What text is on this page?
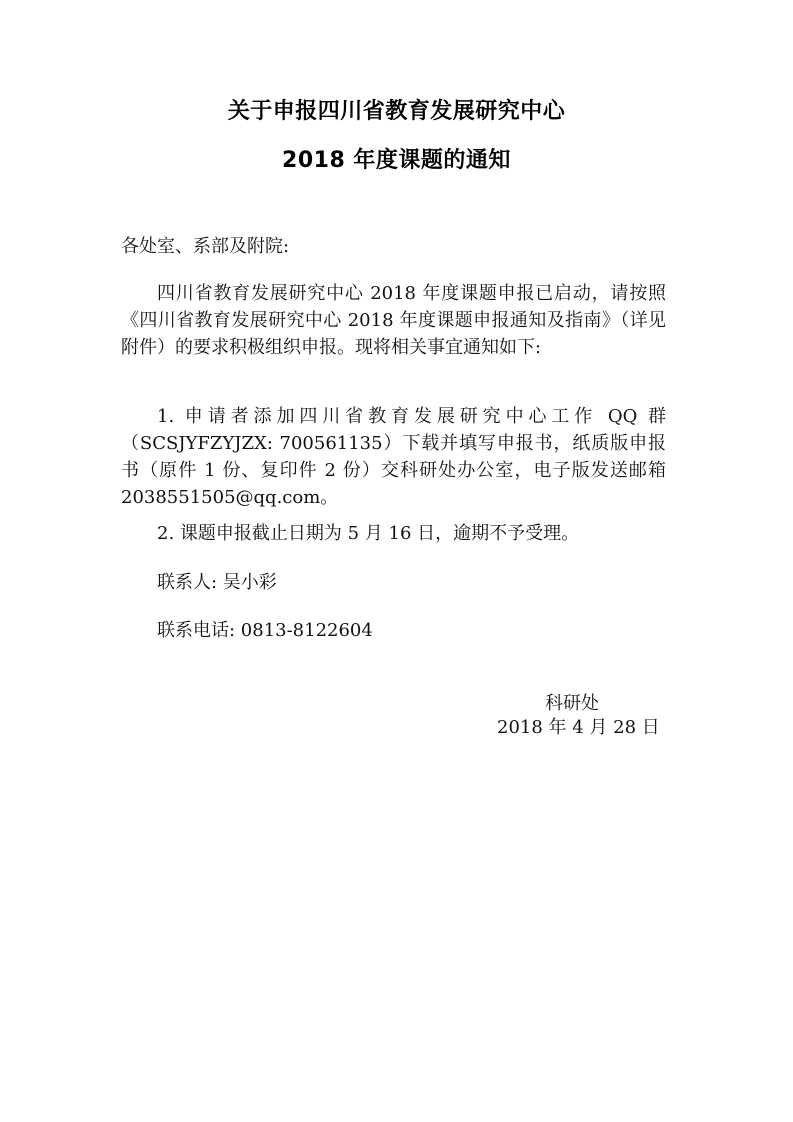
关于申报四川省教育发展研究中心
2018 年度课题的通知
各处室、系部及附院:
四川省教育发展研究中心 2018 年度课题申报已启动，请按照《四川省教育发展研究中心 2018 年度课题申报通知及指南》（详见附件）的要求积极组织申报。现将相关事宜通知如下:
1. 申请者添加四川省教育发展研究中心工作 QQ 群（SCSJYFZYJZX: 700561135）下载并填写申报书，纸质版申报书（原件 1 份、复印件 2 份）交科研处办公室，电子版发送邮箱 2038551505@qq.com。
2. 课题申报截止日期为 5 月 16 日，逾期不予受理。
联系人: 吴小彩
联系电话: 0813-8122604
科研处
2018 年 4 月 28 日
